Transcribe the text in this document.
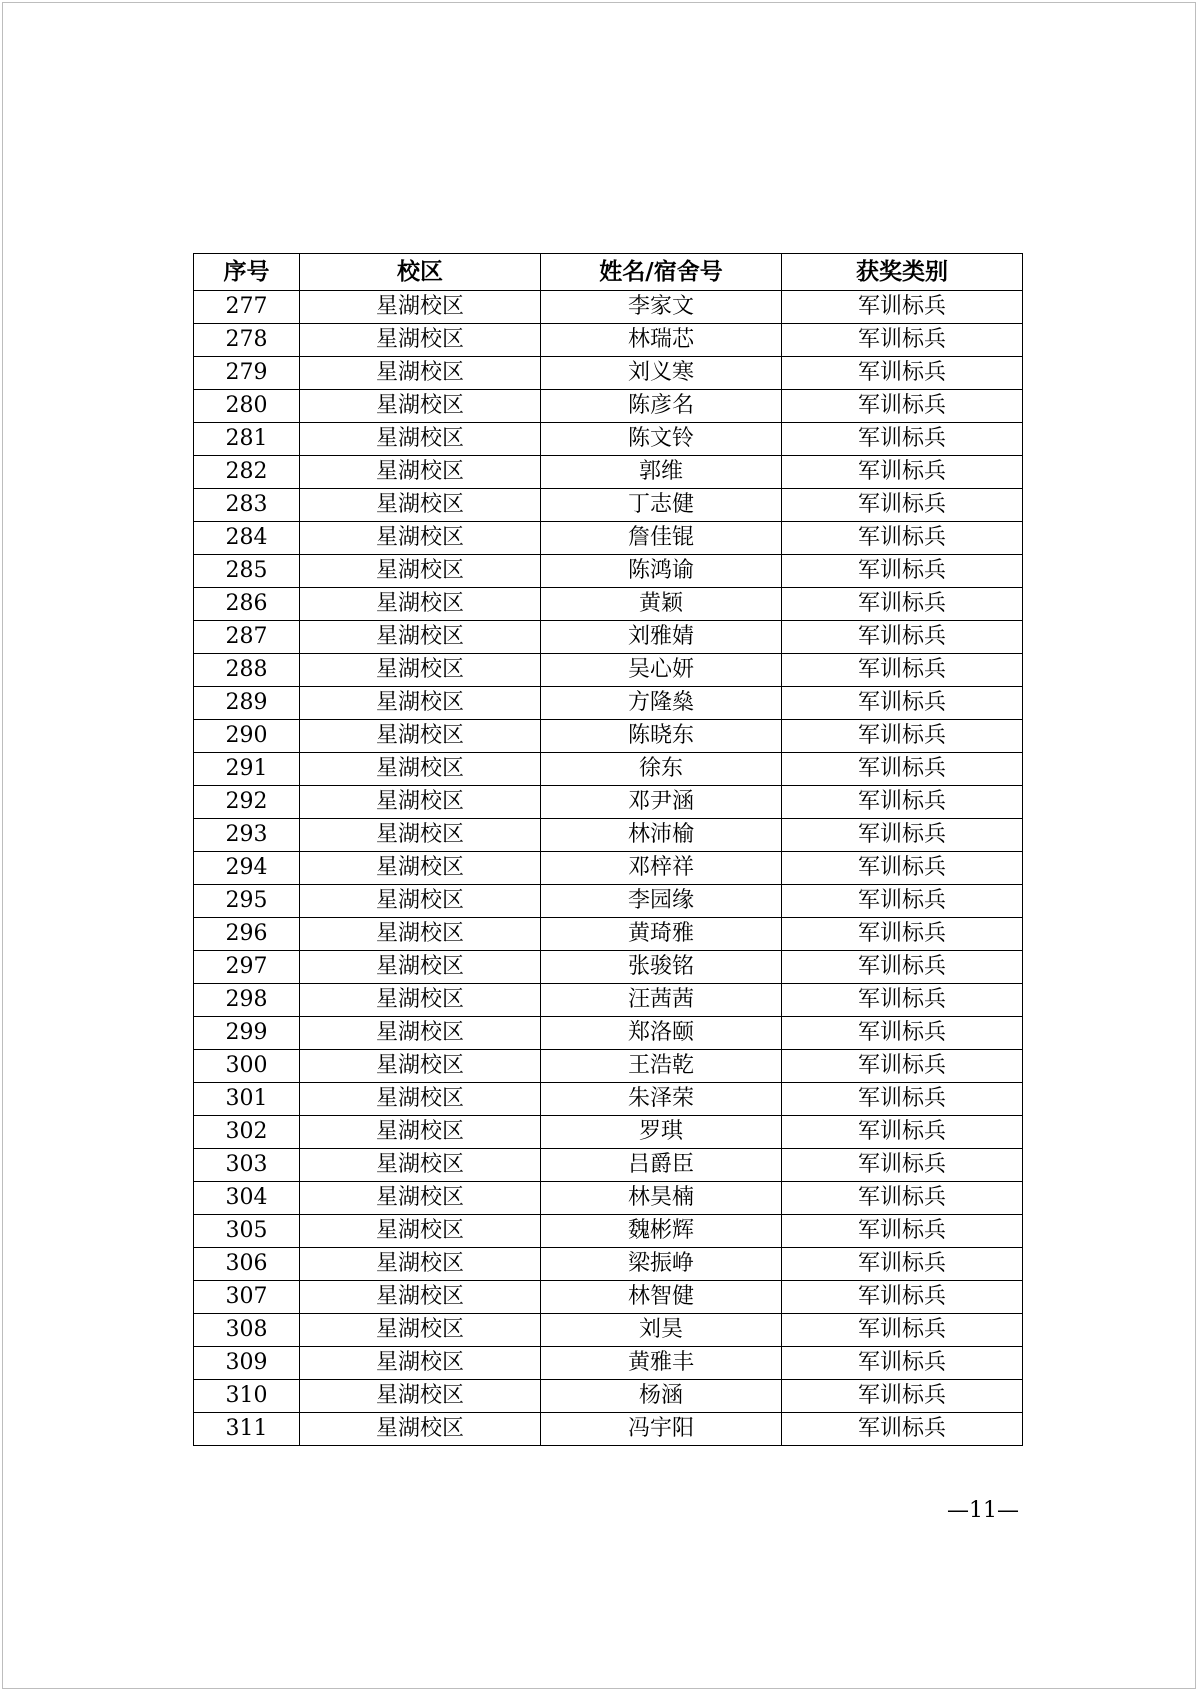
序号	校区	姓名/宿舍号	获奖类别
277	星湖校区	李家文	军训标兵
278	星湖校区	林瑞芯	军训标兵
279	星湖校区	刘义寒	军训标兵
280	星湖校区	陈彦名	军训标兵
281	星湖校区	陈文铃	军训标兵
282	星湖校区	郭维	军训标兵
283	星湖校区	丁志健	军训标兵
284	星湖校区	詹佳锟	军训标兵
285	星湖校区	陈鸿谕	军训标兵
286	星湖校区	黄颖	军训标兵
287	星湖校区	刘雅婧	军训标兵
288	星湖校区	吴心妍	军训标兵
289	星湖校区	方隆燊	军训标兵
290	星湖校区	陈晓东	军训标兵
291	星湖校区	徐东	军训标兵
292	星湖校区	邓尹涵	军训标兵
293	星湖校区	林沛榆	军训标兵
294	星湖校区	邓梓祥	军训标兵
295	星湖校区	李园缘	军训标兵
296	星湖校区	黄琦雅	军训标兵
297	星湖校区	张骏铭	军训标兵
298	星湖校区	汪茜茜	军训标兵
299	星湖校区	郑洛颐	军训标兵
300	星湖校区	王浩乾	军训标兵
301	星湖校区	朱泽荣	军训标兵
302	星湖校区	罗琪	军训标兵
303	星湖校区	吕爵臣	军训标兵
304	星湖校区	林昊楠	军训标兵
305	星湖校区	魏彬辉	军训标兵
306	星湖校区	梁振峥	军训标兵
307	星湖校区	林智健	军训标兵
308	星湖校区	刘昊	军训标兵
309	星湖校区	黄雅丰	军训标兵
310	星湖校区	杨涵	军训标兵
311	星湖校区	冯宇阳	军训标兵
—11—
